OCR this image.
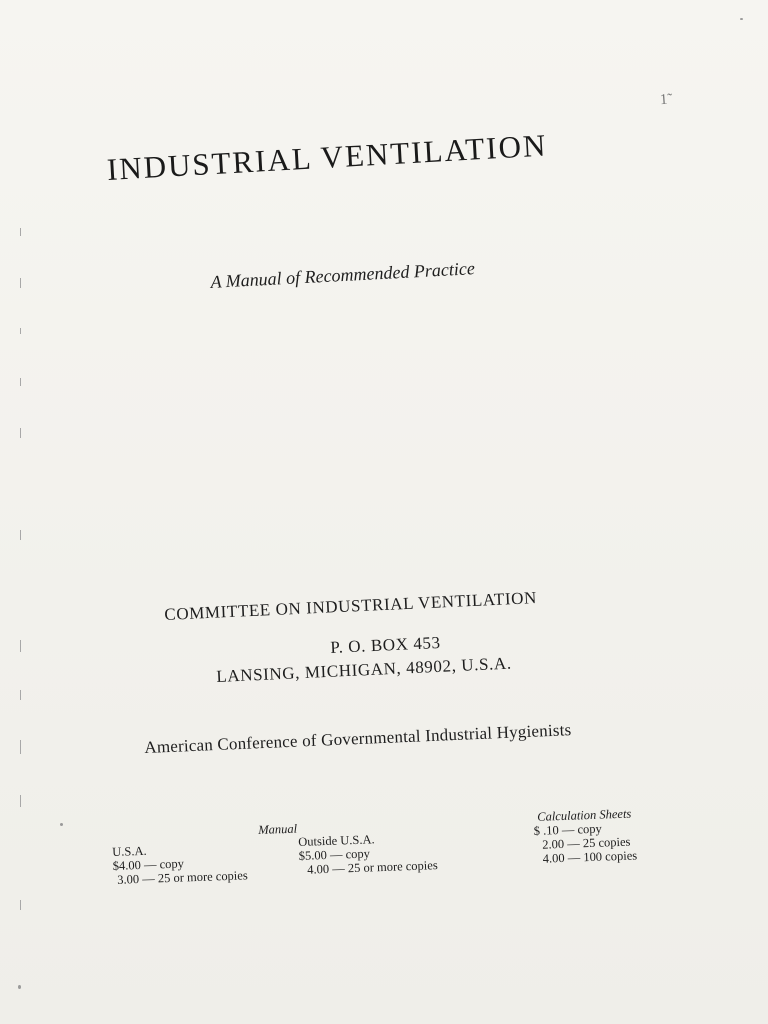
1̃
INDUSTRIAL VENTILATION
A Manual of Recommended Practice
COMMITTEE ON INDUSTRIAL VENTILATION
P. O. BOX 453
LANSING, MICHIGAN, 48902, U.S.A.
American Conference of Governmental Industrial Hygienists
Manual
U.S.A.
$4.00 — copy
3.00 — 25 or more copies
Outside U.S.A.
$5.00 — copy
4.00 — 25 or more copies
Calculation Sheets
$ .10 — copy
2.00 — 25 copies
4.00 — 100 copies
